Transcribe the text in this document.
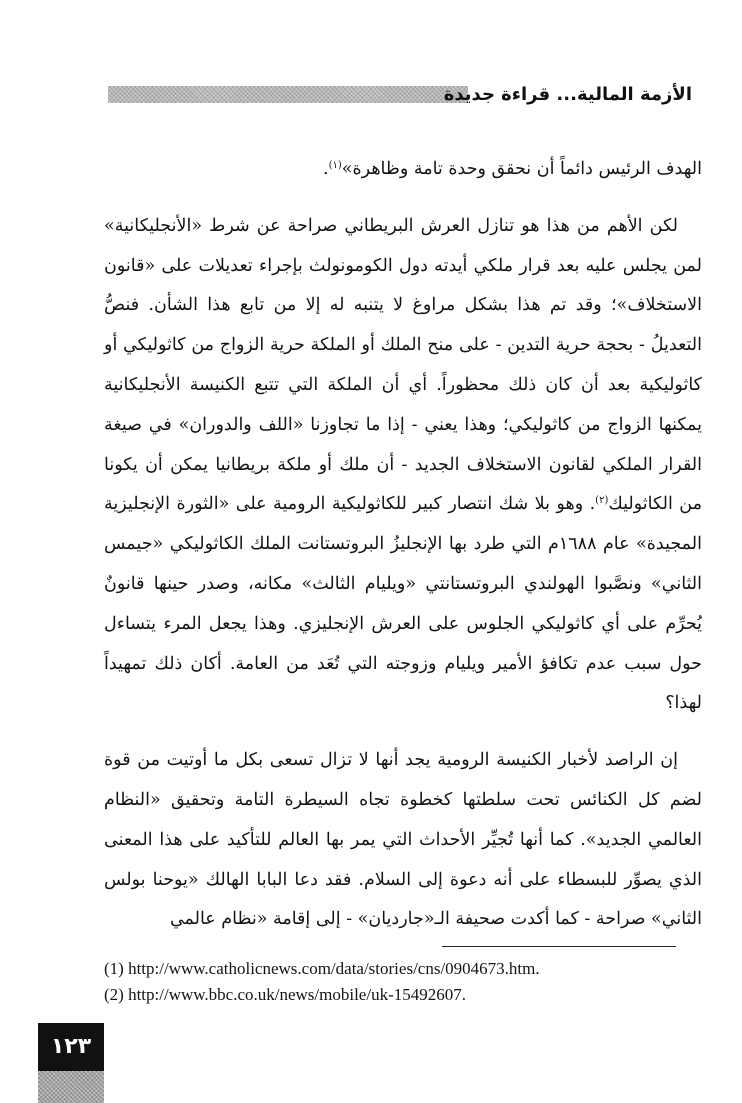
الأزمة المالية... قراءة جديدة

الهدف الرئيس دائماً أن نحقق وحدة تامة وظاهرة»$^{(١)}$.

لكن الأهم من هذا هو تنازل العرش البريطاني صراحة عن شرط «الأنجليكانية» لمن يجلس عليه بعد قرار ملكي أيدته دول الكومونولث بإجراء تعديلات على «قانون الاستخلاف»؛ وقد تم هذا بشكل مراوغ لا يتنبه له إلا من تابع هذا الشأن. فنصُّ التعديلُ - بحجة حرية التدين - على منح الملك أو الملكة حرية الزواج من كاثوليكي أو كاثوليكية بعد أن كان ذلك محظوراً. أي أن الملكة التي تتبع الكنيسة الأنجليكانية يمكنها الزواج من كاثوليكي؛ وهذا يعني - إذا ما تجاوزنا «اللف والدوران» في صيغة القرار الملكي لقانون الاستخلاف الجديد - أن ملك أو ملكة بريطانيا يمكن أن يكونا من الكاثوليك$^{(٢)}$. وهو بلا شك انتصار كبير للكاثوليكية الرومية على «الثورة الإنجليزية المجيدة» عام ١٦٨٨م التي طرد بها الإنجليزُ البروتستانت الملك الكاثوليكي «جيمس الثاني» ونصَّبوا الهولندي البروتستانتي «ويليام الثالث» مكانه، وصدر حينها قانونٌ يُحرِّم على أي كاثوليكي الجلوس على العرش الإنجليزي. وهذا يجعل المرء يتساءل حول سبب عدم تكافؤ الأمير ويليام وزوجته التي تُعَد من العامة. أكان ذلك تمهيداً لهذا؟

إن الراصد لأخبار الكنيسة الرومية يجد أنها لا تزال تسعى بكل ما أوتيت من قوة لضم كل الكنائس تحت سلطتها كخطوة تجاه السيطرة التامة وتحقيق «النظام العالمي الجديد». كما أنها تُجيِّر الأحداث التي يمر بها العالم للتأكيد على هذا المعنى الذي يصوِّر للبسطاء على أنه دعوة إلى السلام. فقد دعا البابا الهالك «يوحنا بولس الثاني» صراحة - كما أكدت صحيفة الـ«جارديان» - إلى إقامة «نظام عالمي

(1) http://www.catholicnews.com/data/stories/cns/0904673.htm.
(2) http://www.bbc.co.uk/news/mobile/uk-15492607.
١٢٣
